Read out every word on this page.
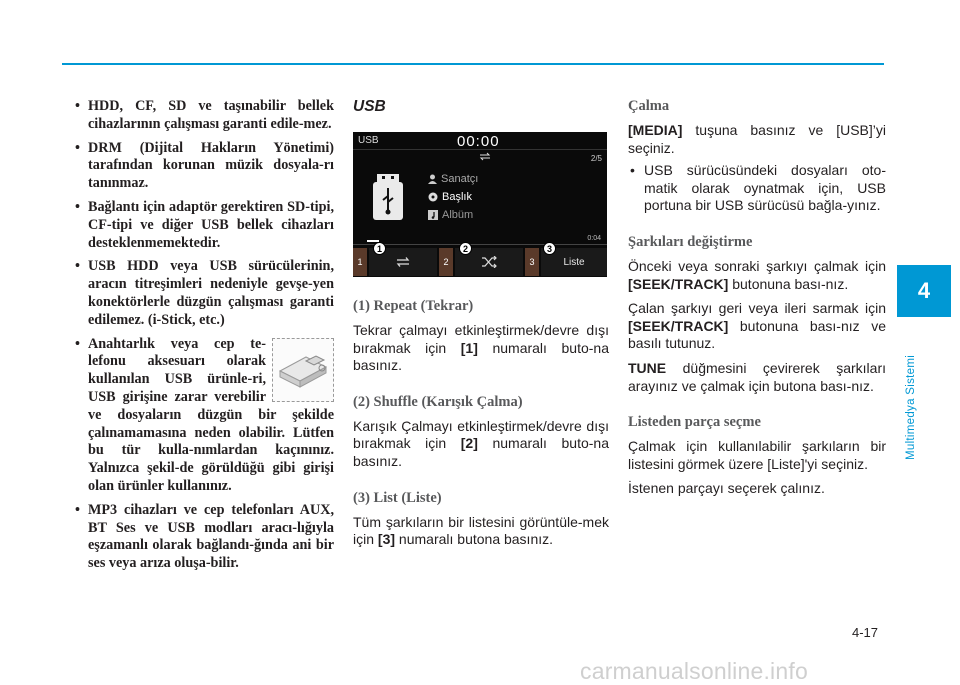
• HDD, CF, SD ve taşınabilir bellek cihazlarının çalışması garanti edile-mez.
• DRM (Dijital Hakların Yönetimi) tarafından korunan müzik dosyala-rı tanınmaz.
• Bağlantı için adaptör gerektiren SD-tipi, CF-tipi ve diğer USB bellek cihazları desteklenmemektedir.
• USB HDD veya USB sürücülerinin, aracın titreşimleri nedeniyle gevşe-yen konektörlerle düzgün çalışması garanti edilemez. (i-Stick, etc.)
• Anahtarlık veya cep te-lefonu aksesuarı olarak kullanılan USB ürünle-ri, USB girişine zarar verebilir ve dosyaların düzgün bir şekilde çalınamamasına neden olabilir. Lütfen bu tür kulla-nımlardan kaçınınız. Yalnızca şekil-de görüldüğü gibi girişi olan ürünler kullanınız.
• MP3 cihazları ve cep telefonları AUX, BT Ses ve USB modları aracı-lığıyla eşzamanlı olarak bağlandı-ğında ani bir ses veya arıza oluşa-bilir.
USB
USB	00:00
2/5
Sanatçı
Başlık
Albüm
0:04
1	2	3	Liste
1	2	3
(1) Repeat (Tekrar)

Tekrar çalmayı etkinleştirmek/devre dışı bırakmak için [1] numaralı buto-na basınız.

(2) Shuffle (Karışık Çalma)

Karışık Çalmayı etkinleştirmek/devre dışı bırakmak için [2] numaralı buto-na basınız.

(3) List (Liste)

Tüm şarkıların bir listesini görüntüle-mek için [3] numaralı butona basınız.

Çalma

[MEDIA] tuşuna basınız ve [USB]’yi seçiniz.

• USB sürücüsündeki dosyaları oto-matik olarak oynatmak için, USB portuna bir USB sürücüsü bağla-yınız.
Şarkıları değiştirme

Önceki veya sonraki şarkıyı çalmak için [SEEK/TRACK] butonuna bası-nız.

Çalan şarkıyı geri veya ileri sarmak için [SEEK/TRACK] butonuna bası-nız ve basılı tutunuz.

TUNE düğmesini çevirerek şarkıları arayınız ve çalmak için butona bası-nız.

Listeden parça seçme

Çalmak için kullanılabilir şarkıların bir listesini görmek üzere [Liste]'yi seçiniz.

İstenen parçayı seçerek çalınız.

4
Multimedya Sistemi
4-17
carmanualsonline.info
